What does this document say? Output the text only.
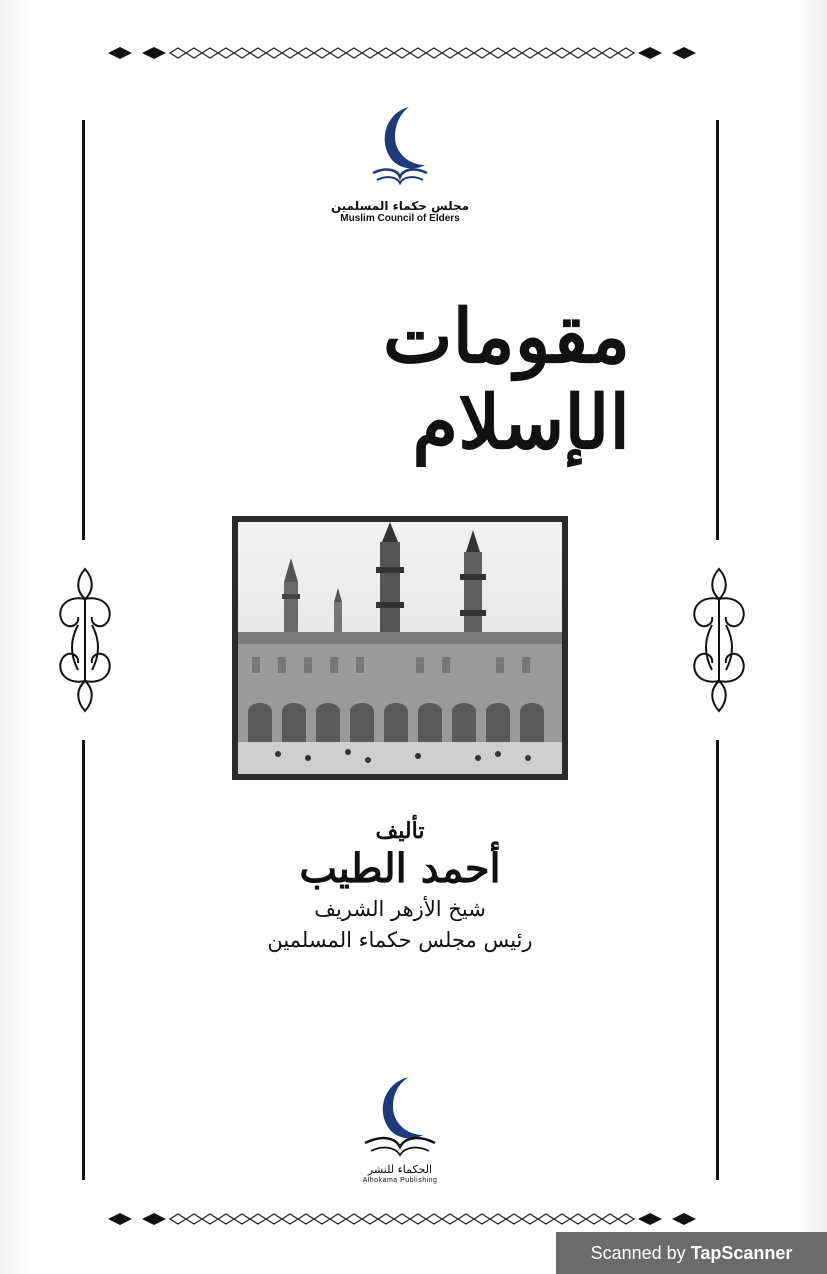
مجلس حكماء المسلمين
Muslim Council of Elders
مقومات الإسلام
تأليف
أحمد الطيب
شيخ الأزهر الشريف
رئيس مجلس حكماء المسلمين
الحكماء للنشر
Alhokama Publishing
Scanned by TapScanner
